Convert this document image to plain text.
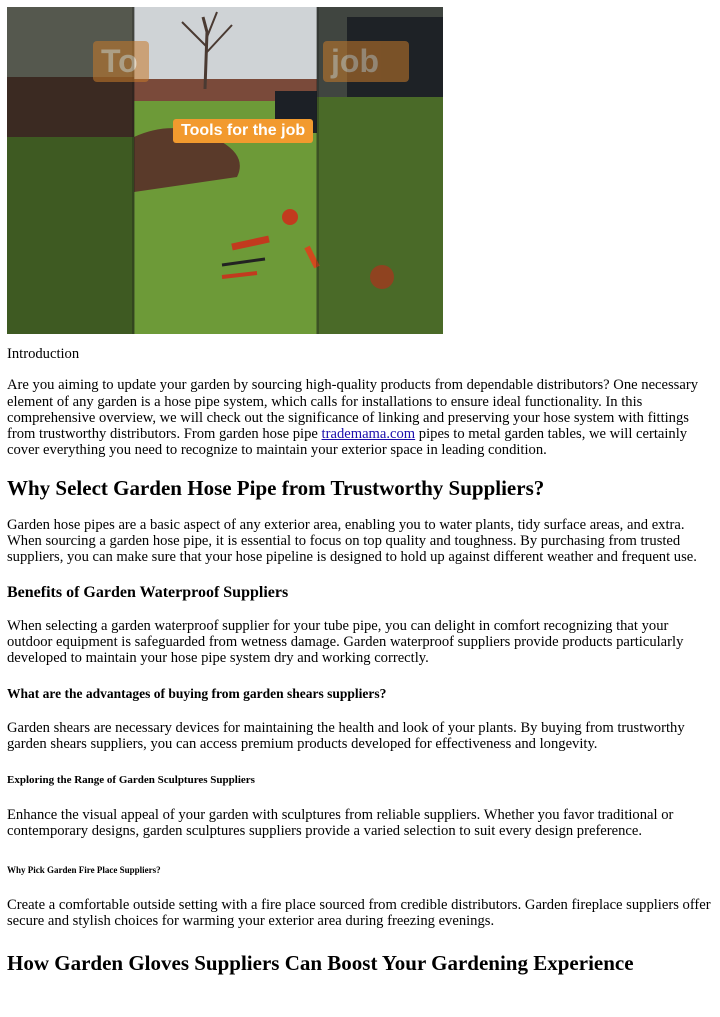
To	job
Tools for the job

Introduction

Are you aiming to update your garden by sourcing high-quality products from dependable distributors? One necessary element of any garden is a hose pipe system, which calls for installations to ensure ideal functionality. In this comprehensive overview, we will check out the significance of linking and preserving your hose system with fittings from trustworthy distributors. From garden hose pipe trademama.com pipes to metal garden tables, we will certainly cover everything you need to recognize to maintain your exterior space in leading condition.

Why Select Garden Hose Pipe from Trustworthy Suppliers?

Garden hose pipes are a basic aspect of any exterior area, enabling you to water plants, tidy surface areas, and extra. When sourcing a garden hose pipe, it is essential to focus on top quality and toughness. By purchasing from trusted suppliers, you can make sure that your hose pipeline is designed to hold up against different weather and frequent use.

Benefits of Garden Waterproof Suppliers

When selecting a garden waterproof supplier for your tube pipe, you can delight in comfort recognizing that your outdoor equipment is safeguarded from wetness damage. Garden waterproof suppliers provide products particularly developed to maintain your hose pipe system dry and working correctly.

What are the advantages of buying from garden shears suppliers?

Garden shears are necessary devices for maintaining the health and look of your plants. By buying from trustworthy garden shears suppliers, you can access premium products developed for effectiveness and longevity.

Exploring the Range of Garden Sculptures Suppliers

Enhance the visual appeal of your garden with sculptures from reliable suppliers. Whether you favor traditional or contemporary designs, garden sculptures suppliers provide a varied selection to suit every design preference.

Why Pick Garden Fire Place Suppliers?

Create a comfortable outside setting with a fire place sourced from credible distributors. Garden fireplace suppliers offer secure and stylish choices for warming your exterior area during freezing evenings.

How Garden Gloves Suppliers Can Boost Your Gardening Experience
